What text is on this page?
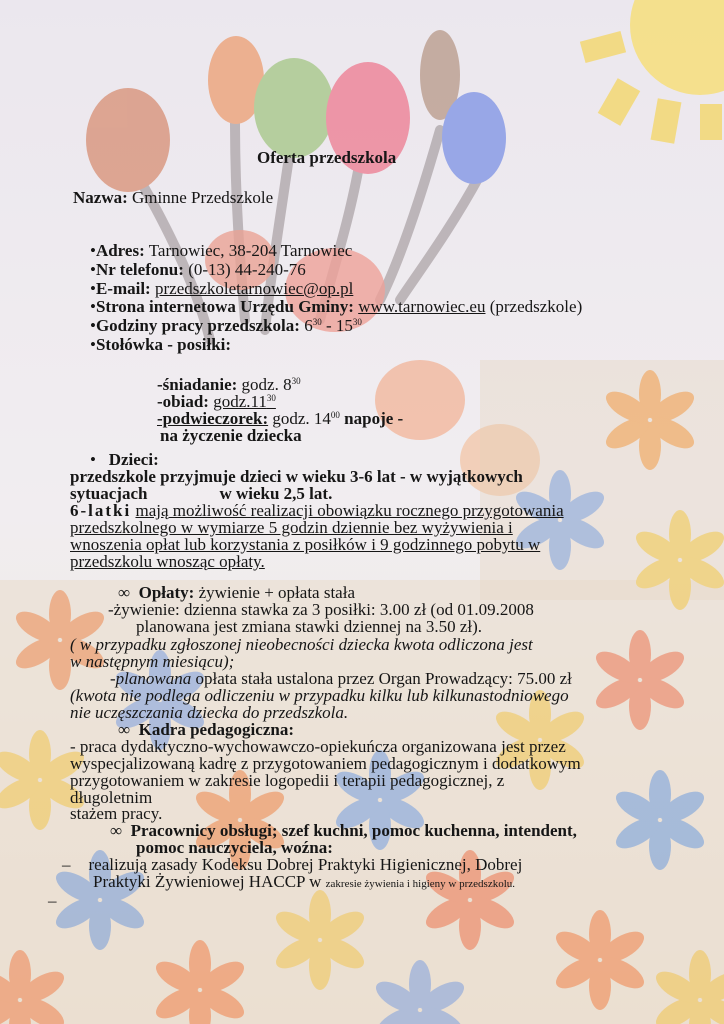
Oferta przedszkola
Nazwa: Gminne Przedszkole
•Adres: Tarnowiec, 38-204 Tarnowiec
•Nr telefonu: (0-13) 44-240-76
•E-mail: przedszkoletarnowiec@op.pl
•Strona internetowa Urzędu Gminy: www.tarnowiec.eu (przedszkole)
•Godziny pracy przedszkola: $6^{30} - 15^{30}$
•Stołówka - posiłki:
-śniadanie: godz. $8^{30}$
-obiad: $godz.11^{30}$
-podwieczorek: godz. $14^{00}$ napoje -
na życzenie dziecka
• Dzieci:
przedszkole przyjmuje dzieci w wieku 3-6 lat - w wyjątkowych
sytuacjach	w wieku 2,5 lat.
6-latki mają możliwość realizacji obowiązku rocznego przygotowania
przedszkolnego w wymiarze 5 godzin dziennie bez wyżywienia i
wnoszenia opłat lub korzystania z posiłków i 9 godzinnego pobytu w
przedszkolu wnosząc opłaty.
∞ Opłaty: żywienie + opłata stała
-żywienie: dzienna stawka za 3 posiłki: 3.00 zł (od 01.09.2008
planowana jest zmiana stawki dziennej na 3.50 zł).
( w przypadku zgłoszonej nieobecności dziecka kwota odliczona jest
w następnym miesiącu);
-planowana opłata stała ustalona przez Organ Prowadzący: 75.00 zł
(kwota nie podlega odliczeniu w przypadku kilku lub kilkunastodniowego
nie uczęszczania dziecka do przedszkola.
∞ Kadra pedagogiczna:
- praca dydaktyczno-wychowawczo-opiekuńcza organizowana jest przez
wyspecjalizowaną kadrę z przygotowaniem pedagogicznym i dodatkowym
przygotowaniem w zakresie logopedii i terapii pedagogicznej, z
długoletnim
stażem pracy.
∞ Pracownicy obsługi; szef kuchni, pomoc kuchenna, intendent,
pomoc nauczyciela, woźna:
– realizują zasady Kodeksu Dobrej Praktyki Higienicznej, Dobrej
Praktyki Żywieniowej HACCP w zakresie żywienia i higieny w przedszkolu.
–
